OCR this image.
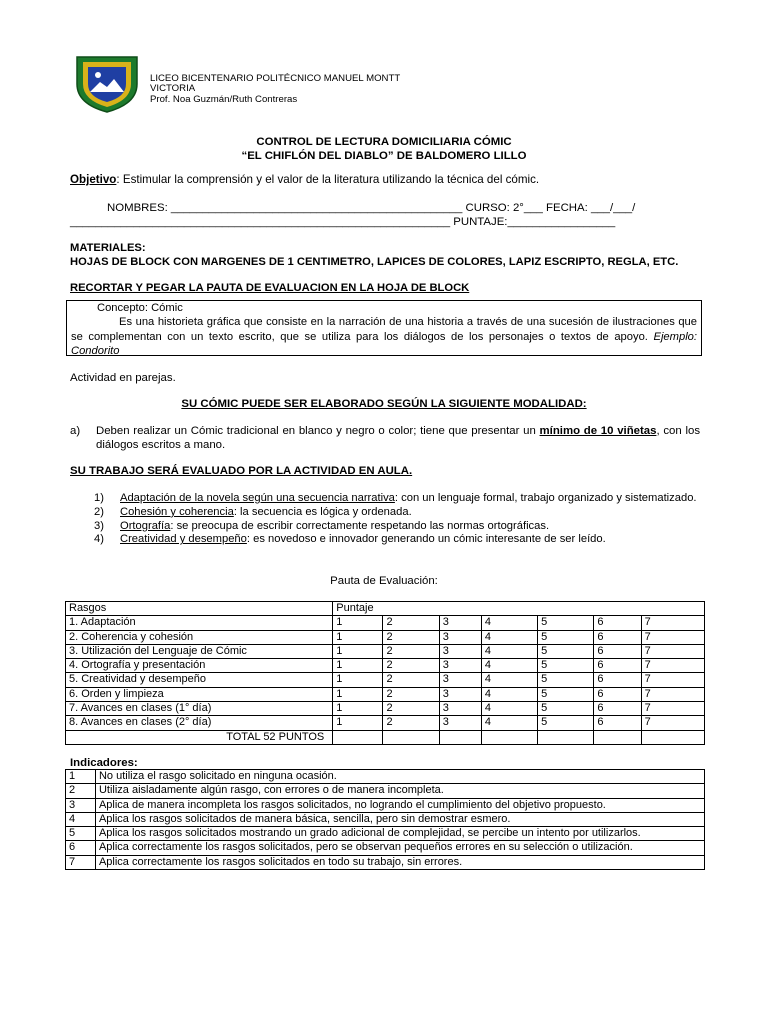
LICEO BICENTENARIO POLITÉCNICO MANUEL MONTT
VICTORIA
Prof. Noa Guzmán/Ruth Contreras
CONTROL DE LECTURA DOMICILIARIA CÓMIC
“EL CHIFLÓN DEL DIABLO” DE BALDOMERO LILLO
Objetivo: Estimular la comprensión y el valor de la literatura utilizando la técnica del cómic.
NOMBRES: ______________________________________________ CURSO: 2°___ FECHA: ___/___/
____________________________________________________________ PUNTAJE:_________________
MATERIALES:
HOJAS DE BLOCK CON MARGENES DE 1 CENTIMETRO, LAPICES DE COLORES, LAPIZ ESCRIPTO, REGLA, ETC.
RECORTAR Y PEGAR LA PAUTA DE EVALUACION EN LA HOJA DE BLOCK
Concepto: Cómic
Es una historieta gráfica que consiste en la narración de una historia a través de una sucesión de ilustraciones que se complementan con un texto escrito, que se utiliza para los diálogos de los personajes o textos de apoyo. Ejemplo: Condorito
Actividad en parejas.
SU CÓMIC PUEDE SER ELABORADO SEGÚN LA SIGUIENTE MODALIDAD:
a)	Deben realizar un Cómic tradicional en blanco y negro o color; tiene que presentar un mínimo de 10 viñetas, con los diálogos escritos a mano.
SU TRABAJO SERÁ EVALUADO POR LA ACTIVIDAD EN AULA.
1) Adaptación de la novela según una secuencia narrativa: con un lenguaje formal, trabajo organizado y sistematizado.
2) Cohesión y coherencia: la secuencia es lógica y ordenada.
3) Ortografía: se preocupa de escribir correctamente respetando las normas ortográficas.
4) Creatividad y desempeño: es novedoso e innovador generando un cómic interesante de ser leído.
Pauta de Evaluación:
Rasgos	Puntaje						
1. Adaptación	1	2	3	4	5	6	7
2. Coherencia y cohesión	1	2	3	4	5	6	7
3. Utilización del Lenguaje de Cómic	1	2	3	4	5	6	7
4. Ortografía y presentación	1	2	3	4	5	6	7
5. Creatividad y desempeño	1	2	3	4	5	6	7
6. Orden y limpieza	1	2	3	4	5	6	7
7. Avances en clases (1° día)	1	2	3	4	5	6	7
8. Avances en clases (2° día)	1	2	3	4	5	6	7
TOTAL 52 PUNTOS							
Indicadores:
1	No utiliza el rasgo solicitado en ninguna ocasión.
2	Utiliza aisladamente algún rasgo, con errores o de manera incompleta.
3	Aplica de manera incompleta los rasgos solicitados, no logrando el cumplimiento del objetivo propuesto.
4	Aplica los rasgos solicitados de manera básica, sencilla, pero sin demostrar esmero.
5	Aplica los rasgos solicitados mostrando un grado adicional de complejidad, se percibe un intento por utilizarlos.
6	Aplica correctamente los rasgos solicitados, pero se observan pequeños errores en su selección o utilización.
7	Aplica correctamente los rasgos solicitados en todo su trabajo, sin errores.
